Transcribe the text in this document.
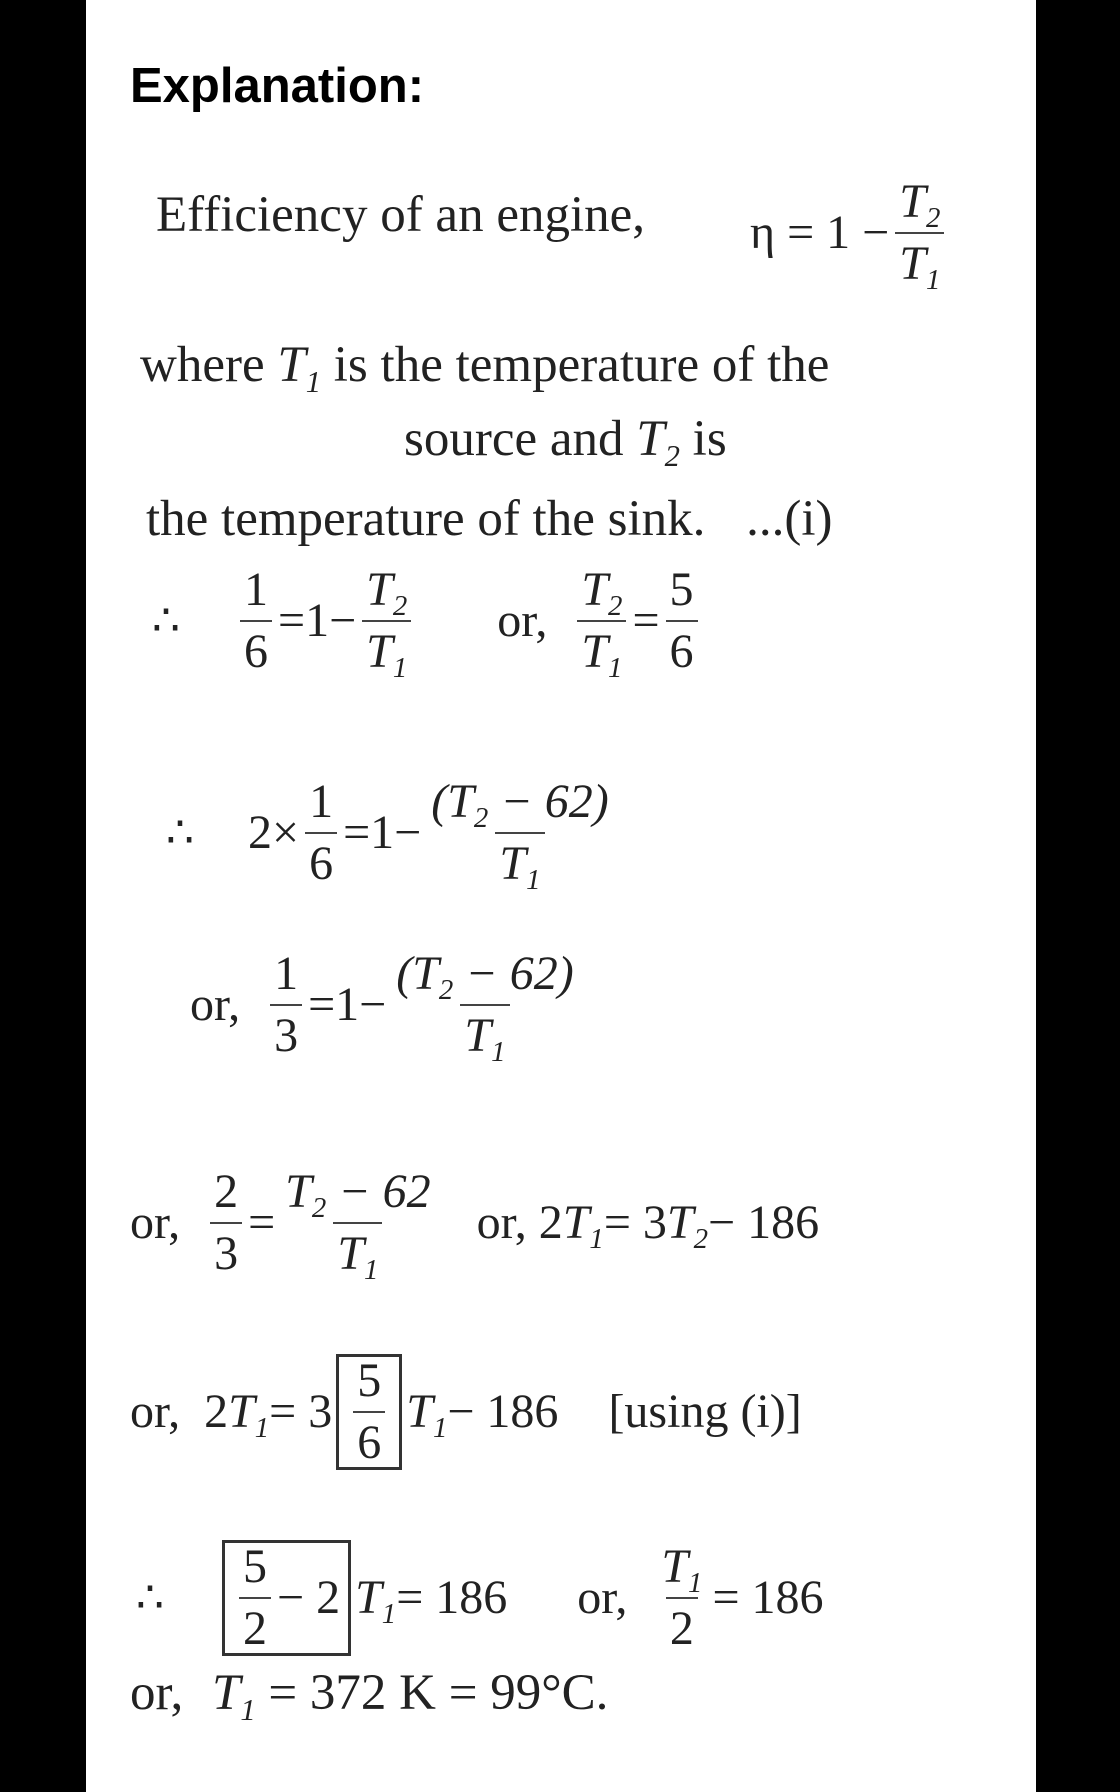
Explanation:
Efficiency of an engine, $\eta = 1 - \frac{T_2}{T_1}$
where $T_1$ is the temperature of the
source and $T_2$ is
the temperature of the sink. ...(i)
∴ $\frac{1}{6} = 1 - \frac{T_2}{T_1}$ or, $\frac{T_2}{T_1} = \frac{5}{6}$
∴ $2\times \frac{1}{6} = 1 - \frac{(T_2 - 62)}{T_1}$
or, $\frac{1}{3} = 1 - \frac{(T_2 - 62)}{T_1}$
or, $\frac{2}{3} = \frac{T_2 - 62}{T_1}$ or, 2 $T_1 = 3$ $T_2 - 186$
or, 2 $T_1 = 3 \frac{5}{6} T_1 - 186$ [using (i)]
∴ $\frac{5}{2} - 2$ $T_1 = 186$ or, $\frac{T_1}{2} = 186$
or, $T_1 = 372$ K = 99°C.
